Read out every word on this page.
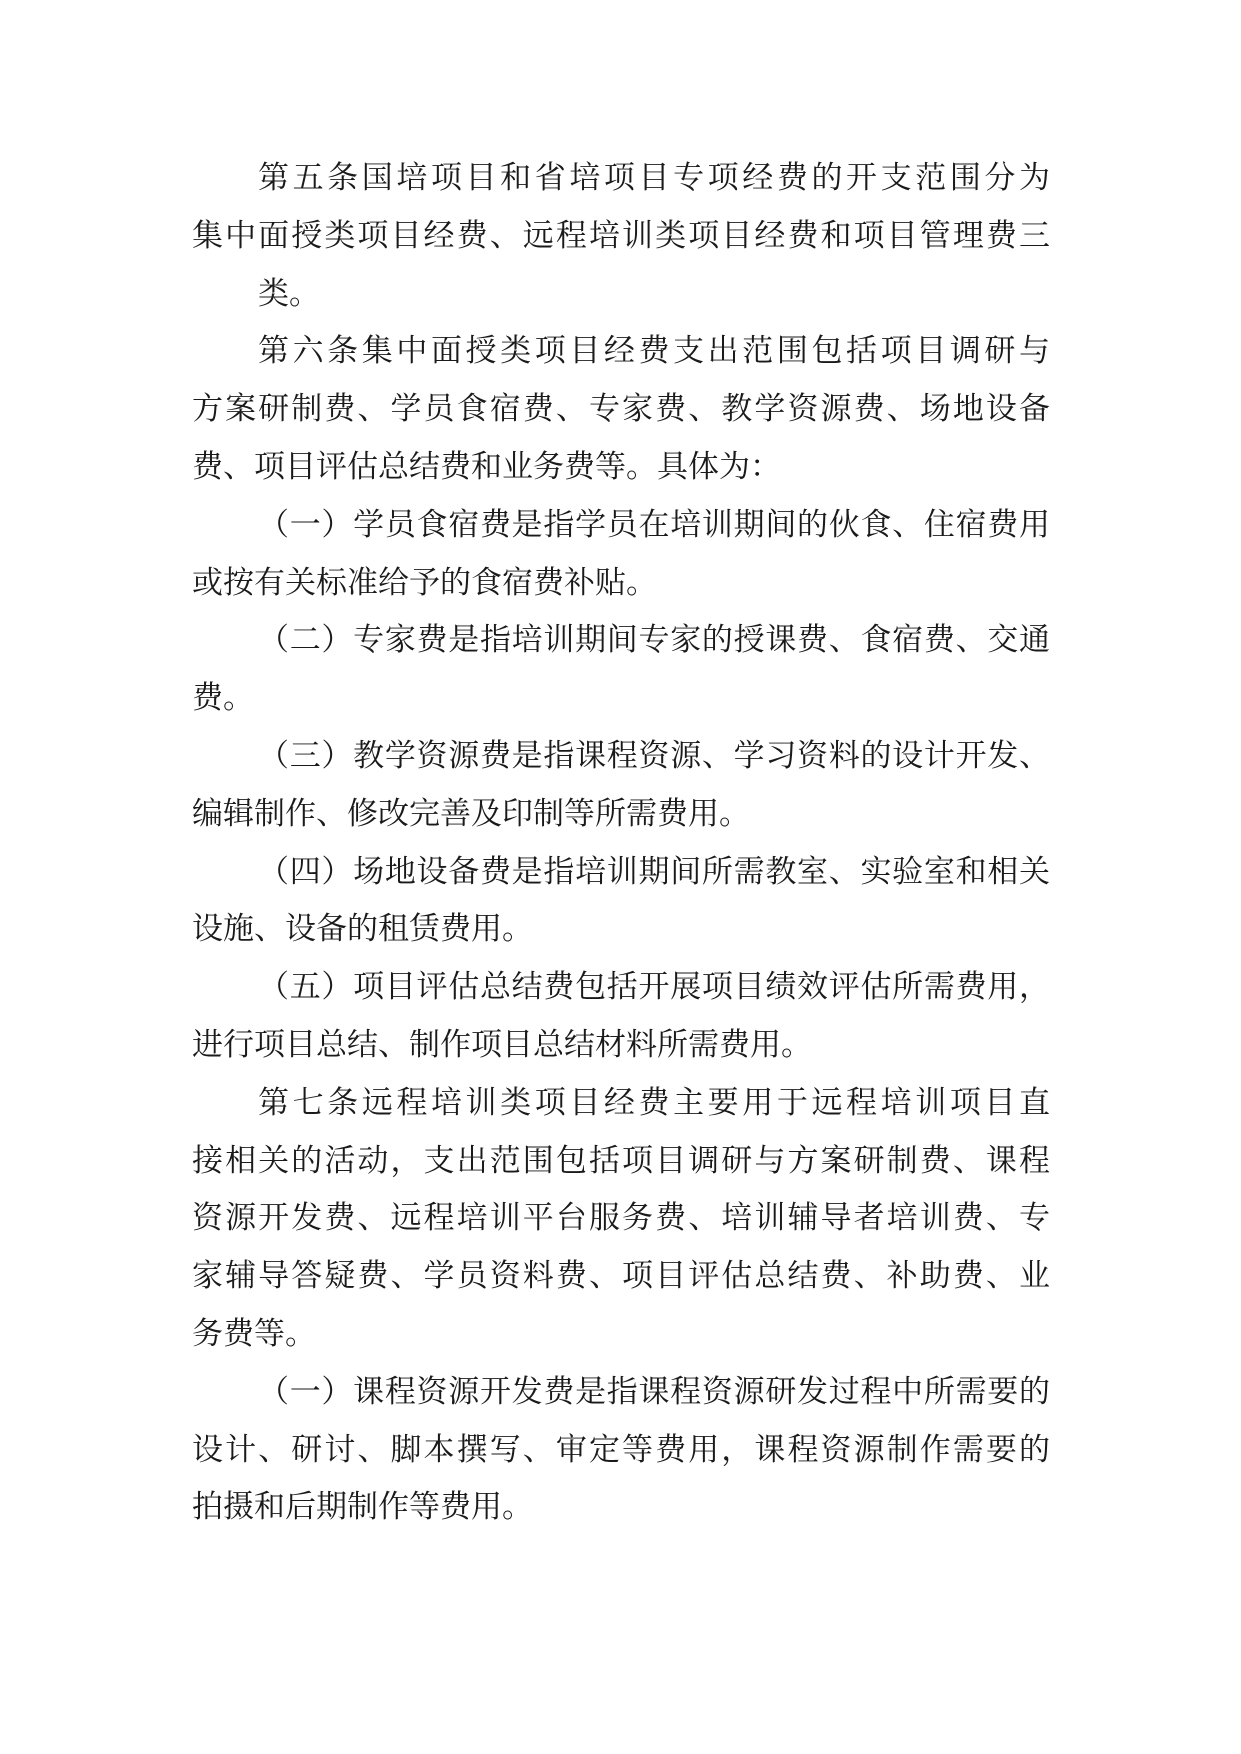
第五条国培项目和省培项目专项经费的开支范围分为
集中面授类项目经费、远程培训类项目经费和项目管理费三
类。
第六条集中面授类项目经费支出范围包括项目调研与
方案研制费、学员食宿费、专家费、教学资源费、场地设备
费、项目评估总结费和业务费等。具体为：
（一）学员食宿费是指学员在培训期间的伙食、住宿费用
或按有关标准给予的食宿费补贴。
（二）专家费是指培训期间专家的授课费、食宿费、交通
费。
（三）教学资源费是指课程资源、学习资料的设计开发、
编辑制作、修改完善及印制等所需费用。
（四）场地设备费是指培训期间所需教室、实验室和相关
设施、设备的租赁费用。
（五）项目评估总结费包括开展项目绩效评估所需费用，
进行项目总结、制作项目总结材料所需费用。
第七条远程培训类项目经费主要用于远程培训项目直
接相关的活动，支出范围包括项目调研与方案研制费、课程
资源开发费、远程培训平台服务费、培训辅导者培训费、专
家辅导答疑费、学员资料费、项目评估总结费、补助费、业
务费等。
（一）课程资源开发费是指课程资源研发过程中所需要的
设计、研讨、脚本撰写、审定等费用，课程资源制作需要的
拍摄和后期制作等费用。
